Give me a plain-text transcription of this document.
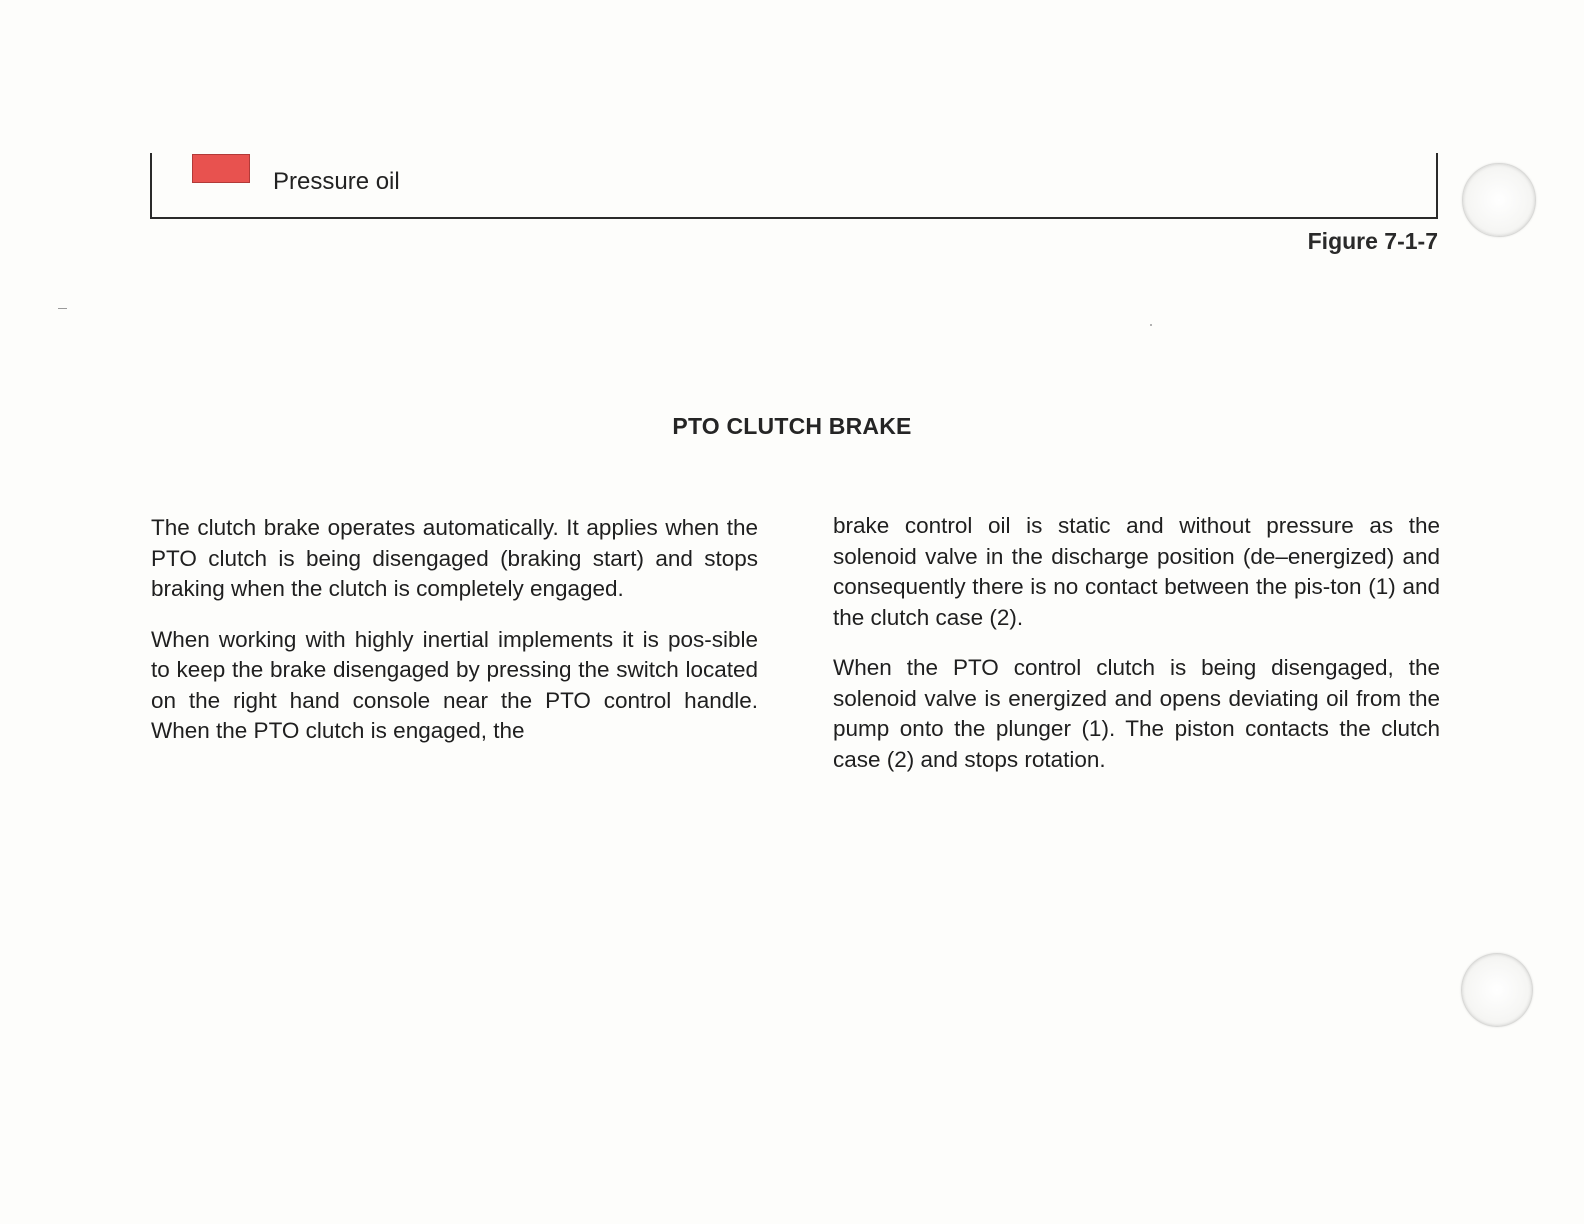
Pressure oil
Figure 7-1-7
PTO CLUTCH BRAKE

The clutch brake operates automatically. It applies when the PTO clutch is being disengaged (braking start) and stops braking when the clutch is completely engaged.

When working with highly inertial implements it is pos-sible to keep the brake disengaged by pressing the switch located on the right hand console near the PTO control handle. When the PTO clutch is engaged, the

brake control oil is static and without pressure as the solenoid valve in the discharge position (de–energized) and consequently there is no contact between the pis-ton (1) and the clutch case (2).

When the PTO control clutch is being disengaged, the solenoid valve is energized and opens deviating oil from the pump onto the plunger (1). The piston contacts the clutch case (2) and stops rotation.
